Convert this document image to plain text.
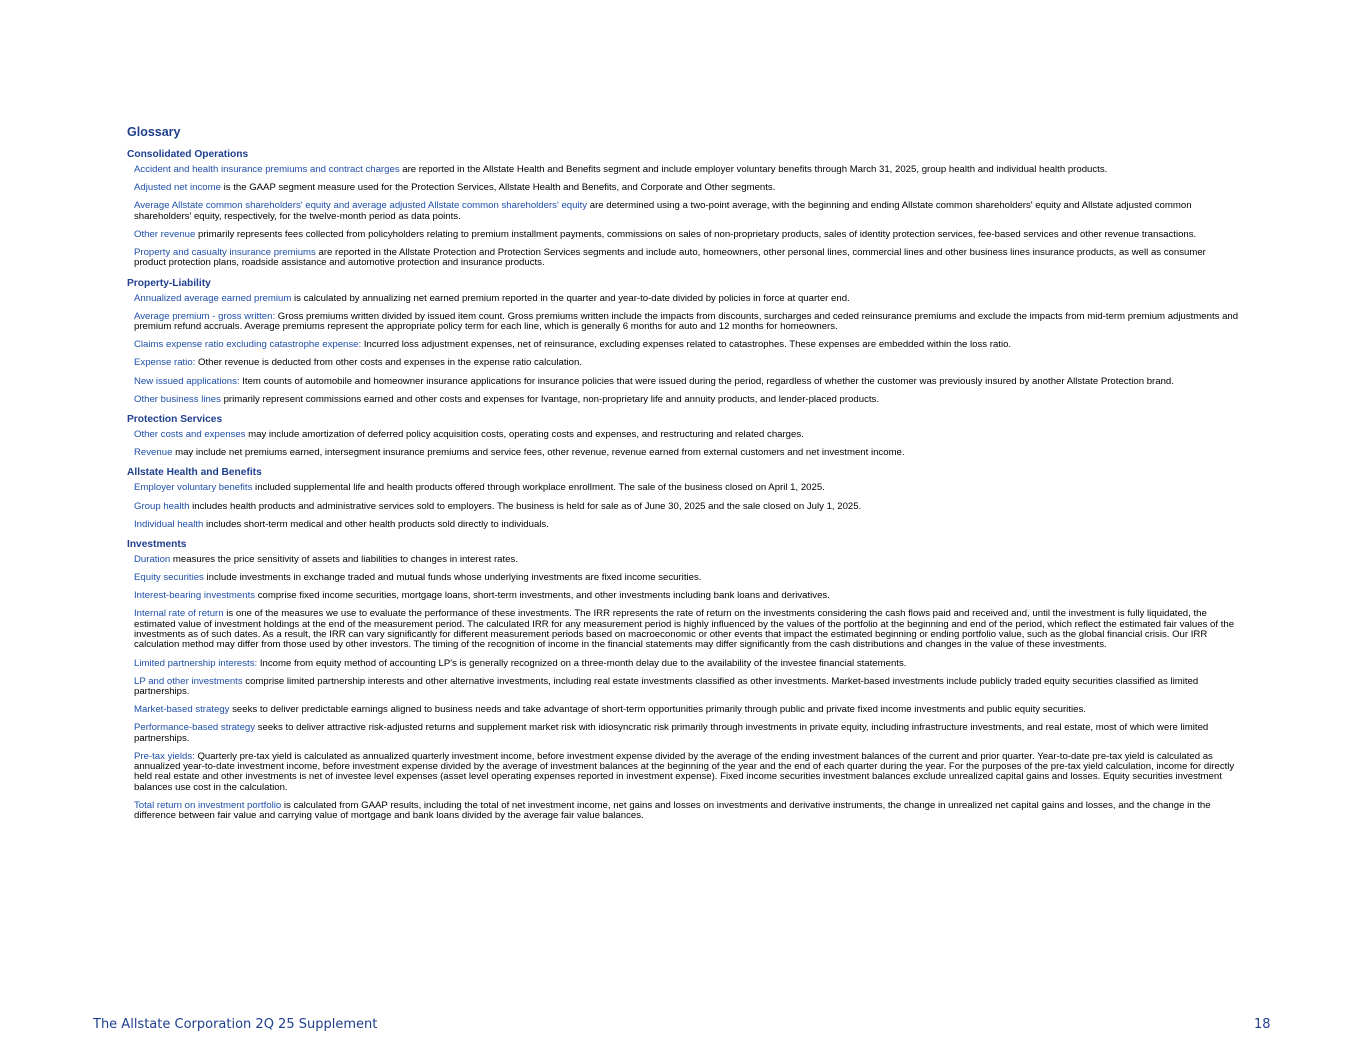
Glossary
Consolidated Operations

Accident and health insurance premiums and contract charges are reported in the Allstate Health and Benefits segment and include employer voluntary benefits through March 31, 2025, group health and individual health products.

Adjusted net income is the GAAP segment measure used for the Protection Services, Allstate Health and Benefits, and Corporate and Other segments.

Average Allstate common shareholders' equity and average adjusted Allstate common shareholders' equity are determined using a two-point average, with the beginning and ending Allstate common shareholders' equity and Allstate adjusted common shareholders' equity, respectively, for the twelve-month period as data points.

Other revenue primarily represents fees collected from policyholders relating to premium installment payments, commissions on sales of non-proprietary products, sales of identity protection services, fee-based services and other revenue transactions.

Property and casualty insurance premiums are reported in the Allstate Protection and Protection Services segments and include auto, homeowners, other personal lines, commercial lines and other business lines insurance products, as well as consumer product protection plans, roadside assistance and automotive protection and insurance products.

Property-Liability

Annualized average earned premium is calculated by annualizing net earned premium reported in the quarter and year-to-date divided by policies in force at quarter end.

Average premium - gross written: Gross premiums written divided by issued item count. Gross premiums written include the impacts from discounts, surcharges and ceded reinsurance premiums and exclude the impacts from mid-term premium adjustments and premium refund accruals. Average premiums represent the appropriate policy term for each line, which is generally 6 months for auto and 12 months for homeowners.

Claims expense ratio excluding catastrophe expense: Incurred loss adjustment expenses, net of reinsurance, excluding expenses related to catastrophes. These expenses are embedded within the loss ratio.

Expense ratio: Other revenue is deducted from other costs and expenses in the expense ratio calculation.

New issued applications: Item counts of automobile and homeowner insurance applications for insurance policies that were issued during the period, regardless of whether the customer was previously insured by another Allstate Protection brand.

Other business lines primarily represent commissions earned and other costs and expenses for Ivantage, non-proprietary life and annuity products, and lender-placed products.

Protection Services

Other costs and expenses may include amortization of deferred policy acquisition costs, operating costs and expenses, and restructuring and related charges.

Revenue may include net premiums earned, intersegment insurance premiums and service fees, other revenue, revenue earned from external customers and net investment income.

Allstate Health and Benefits

Employer voluntary benefits included supplemental life and health products offered through workplace enrollment. The sale of the business closed on April 1, 2025.

Group health includes health products and administrative services sold to employers. The business is held for sale as of June 30, 2025 and the sale closed on July 1, 2025.

Individual health includes short-term medical and other health products sold directly to individuals.

Investments

Duration measures the price sensitivity of assets and liabilities to changes in interest rates.

Equity securities include investments in exchange traded and mutual funds whose underlying investments are fixed income securities.

Interest-bearing investments comprise fixed income securities, mortgage loans, short-term investments, and other investments including bank loans and derivatives.

Internal rate of return is one of the measures we use to evaluate the performance of these investments. The IRR represents the rate of return on the investments considering the cash flows paid and received and, until the investment is fully liquidated, the estimated value of investment holdings at the end of the measurement period. The calculated IRR for any measurement period is highly influenced by the values of the portfolio at the beginning and end of the period, which reflect the estimated fair values of the investments as of such dates. As a result, the IRR can vary significantly for different measurement periods based on macroeconomic or other events that impact the estimated beginning or ending portfolio value, such as the global financial crisis. Our IRR calculation method may differ from those used by other investors. The timing of the recognition of income in the financial statements may differ significantly from the cash distributions and changes in the value of these investments.

Limited partnership interests: Income from equity method of accounting LP's is generally recognized on a three-month delay due to the availability of the investee financial statements.

LP and other investments comprise limited partnership interests and other alternative investments, including real estate investments classified as other investments. Market-based investments include publicly traded equity securities classified as limited partnerships.

Market-based strategy seeks to deliver predictable earnings aligned to business needs and take advantage of short-term opportunities primarily through public and private fixed income investments and public equity securities.

Performance-based strategy seeks to deliver attractive risk-adjusted returns and supplement market risk with idiosyncratic risk primarily through investments in private equity, including infrastructure investments, and real estate, most of which were limited partnerships.

Pre-tax yields: Quarterly pre-tax yield is calculated as annualized quarterly investment income, before investment expense divided by the average of the ending investment balances of the current and prior quarter. Year-to-date pre-tax yield is calculated as annualized year-to-date investment income, before investment expense divided by the average of investment balances at the beginning of the year and the end of each quarter during the year. For the purposes of the pre-tax yield calculation, income for directly held real estate and other investments is net of investee level expenses (asset level operating expenses reported in investment expense). Fixed income securities investment balances exclude unrealized capital gains and losses. Equity securities investment balances use cost in the calculation.

Total return on investment portfolio is calculated from GAAP results, including the total of net investment income, net gains and losses on investments and derivative instruments, the change in unrealized net capital gains and losses, and the change in the difference between fair value and carrying value of mortgage and bank loans divided by the average fair value balances.

The Allstate Corporation 2Q 25 Supplement	18
